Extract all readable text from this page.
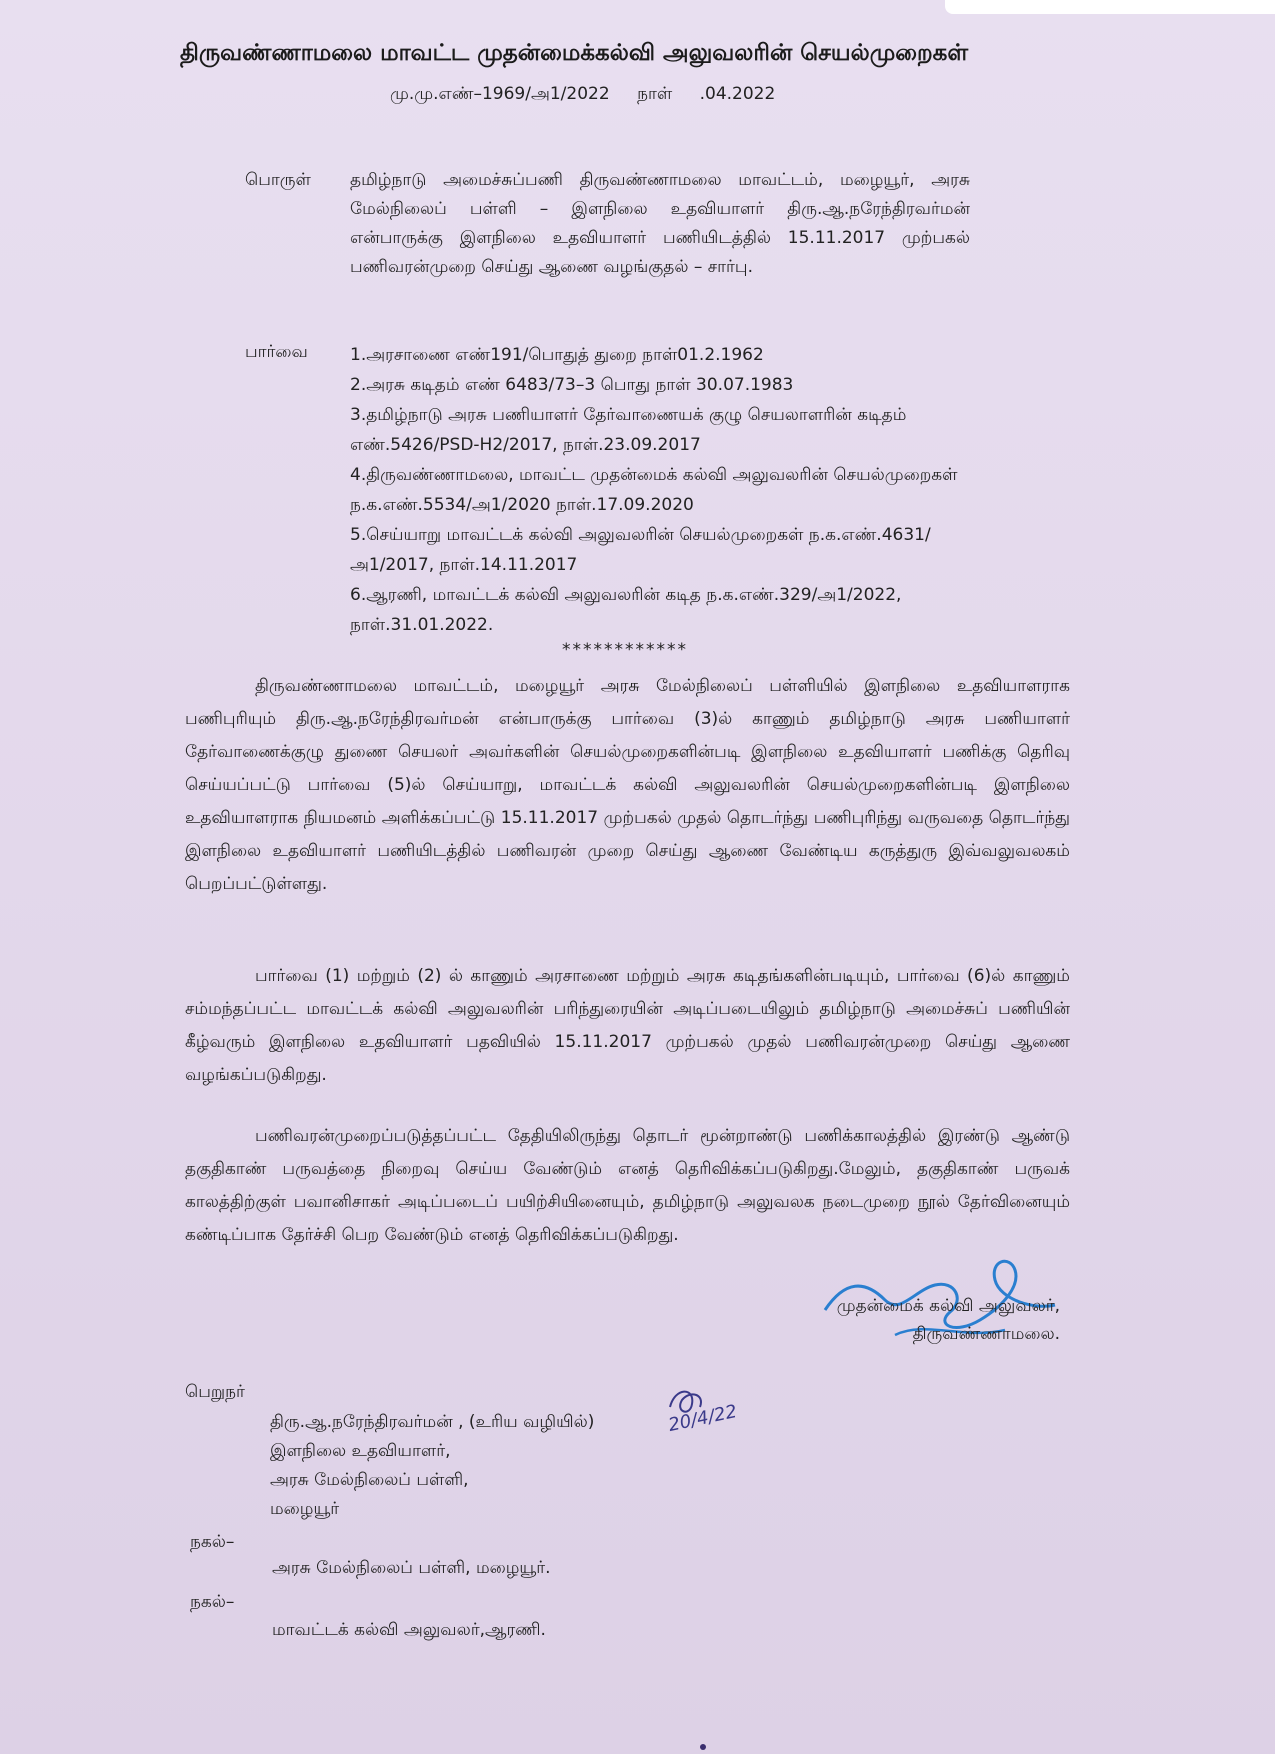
திருவண்ணாமலை மாவட்ட முதன்மைக்கல்வி அலுவலரின் செயல்முறைகள்
மு.மு.எண்–1969/அ1/2022 நாள் .04.2022
பொருள் தமிழ்நாடு அமைச்சுப்பணி திருவண்ணாமலை மாவட்டம், மழையூர், அரசு மேல்நிலைப் பள்ளி – இளநிலை உதவியாளர் திரு.ஆ.நரேந்திரவர்மன் என்பாருக்கு இளநிலை உதவியாளர் பணியிடத்தில் 15.11.2017 முற்பகல் பணிவரன்முறை செய்து ஆணை வழங்குதல் – சார்பு.
பார்வை 1.அரசாணை எண்191/பொதுத் துறை நாள்01.2.1962
2.அரசு கடிதம் எண் 6483/73–3 பொது நாள் 30.07.1983
3.தமிழ்நாடு அரசு பணியாளர் தேர்வாணையக் குழு செயலாளரின் கடிதம் எண்.5426/PSD-H2/2017, நாள்.23.09.2017
4.திருவண்ணாமலை, மாவட்ட முதன்மைக் கல்வி அலுவலரின் செயல்முறைகள் ந.க.எண்.5534/அ1/2020 நாள்.17.09.2020
5.செய்யாறு மாவட்டக் கல்வி அலுவலரின் செயல்முறைகள் ந.க.எண்.4631/அ1/2017, நாள்.14.11.2017
6.ஆரணி, மாவட்டக் கல்வி அலுவலரின் கடித ந.க.எண்.329/அ1/2022, நாள்.31.01.2022.
************
திருவண்ணாமலை மாவட்டம், மழையூர் அரசு மேல்நிலைப் பள்ளியில் இளநிலை உதவியாளராக பணிபுரியும் திரு.ஆ.நரேந்திரவர்மன் என்பாருக்கு பார்வை (3)ல் காணும் தமிழ்நாடு அரசு பணியாளர் தேர்வாணைக்குழு துணை செயலர் அவர்களின் செயல்முறைகளின்படி இளநிலை உதவியாளர் பணிக்கு தெரிவு செய்யப்பட்டு பார்வை (5)ல் செய்யாறு, மாவட்டக் கல்வி அலுவலரின் செயல்முறைகளின்படி இளநிலை உதவியாளராக நியமனம் அளிக்கப்பட்டு 15.11.2017 முற்பகல் முதல் தொடர்ந்து பணிபுரிந்து வருவதை தொடர்ந்து இளநிலை உதவியாளர் பணியிடத்தில் பணிவரன் முறை செய்து ஆணை வேண்டிய கருத்துரு இவ்வலுவலகம் பெறப்பட்டுள்ளது.
பார்வை (1) மற்றும் (2) ல் காணும் அரசாணை மற்றும் அரசு கடிதங்களின்படியும், பார்வை (6)ல் காணும் சம்மந்தப்பட்ட மாவட்டக் கல்வி அலுவலரின் பரிந்துரையின் அடிப்படையிலும் தமிழ்நாடு அமைச்சுப் பணியின் கீழ்வரும் இளநிலை உதவியாளர் பதவியில் 15.11.2017 முற்பகல் முதல் பணிவரன்முறை செய்து ஆணை வழங்கப்படுகிறது.
பணிவரன்முறைப்படுத்தப்பட்ட தேதியிலிருந்து தொடர் மூன்றாண்டு பணிக்காலத்தில் இரண்டு ஆண்டு தகுதிகாண் பருவத்தை நிறைவு செய்ய வேண்டும் எனத் தெரிவிக்கப்படுகிறது.மேலும், தகுதிகாண் பருவக் காலத்திற்குள் பவானிசாகர் அடிப்படைப் பயிற்சியினையும், தமிழ்நாடு அலுவலக நடைமுறை நூல் தேர்வினையும் கண்டிப்பாக தேர்ச்சி பெற வேண்டும் எனத் தெரிவிக்கப்படுகிறது.
முதன்மைக் கல்வி அலுவலர்,
திருவண்ணாமலை.
20/4/22
பெறுநர்
திரு.ஆ.நரேந்திரவர்மன் , (உரிய வழியில்)
இளநிலை உதவியாளர்,
அரசு மேல்நிலைப் பள்ளி,
மழையூர்
நகல்–
அரசு மேல்நிலைப் பள்ளி, மழையூர்.
நகல்–
மாவட்டக் கல்வி அலுவலர்,ஆரணி.
